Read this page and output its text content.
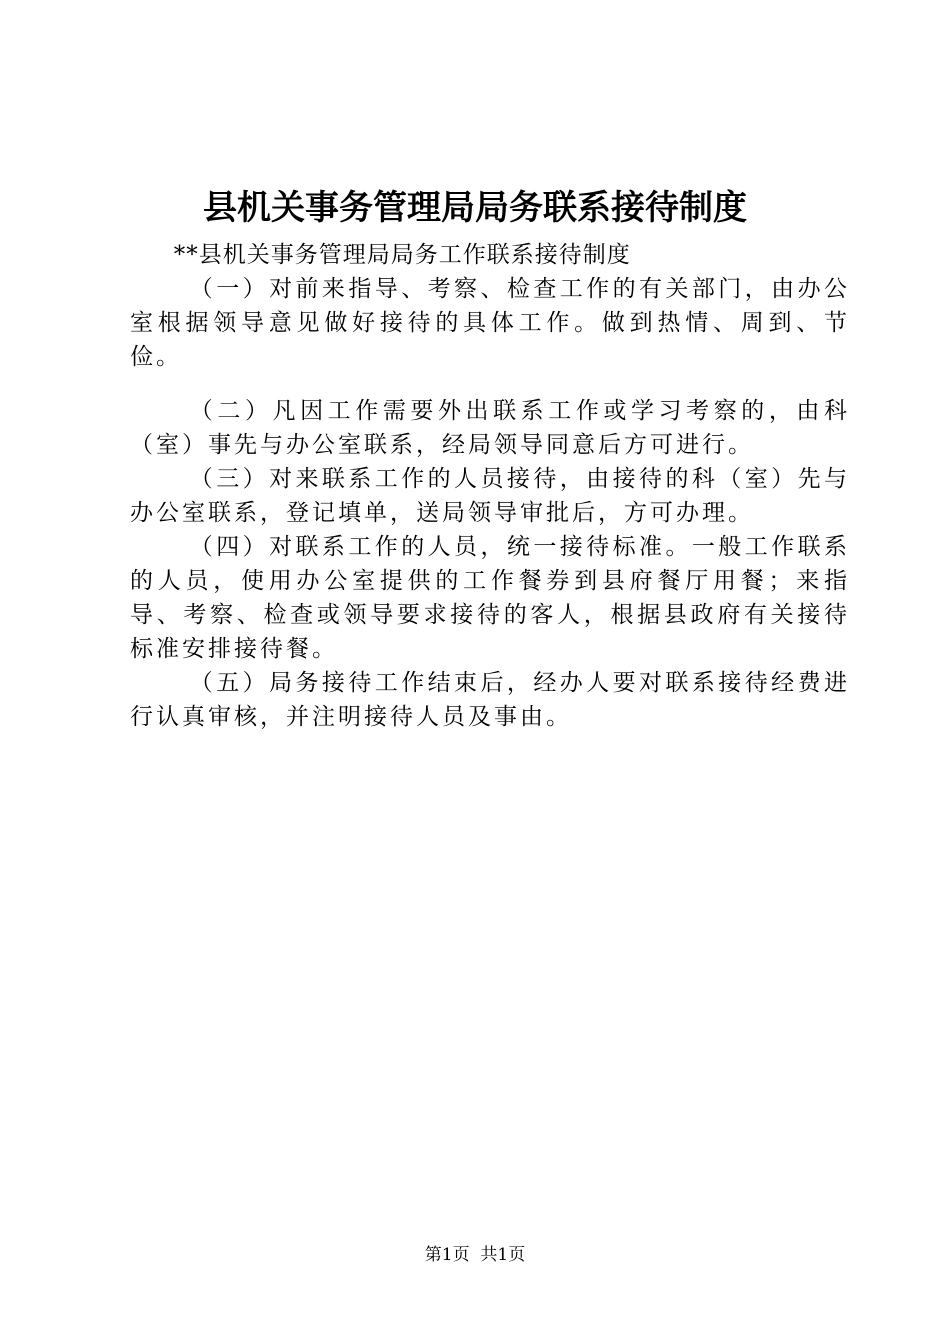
县机关事务管理局局务联系接待制度

**县机关事务管理局局务工作联系接待制度

（一）对前来指导、考察、检查工作的有关部门，由办公室根据领导意见做好接待的具体工作。做到热情、周到、节俭。

（二）凡因工作需要外出联系工作或学习考察的，由科（室）事先与办公室联系，经局领导同意后方可进行。

（三）对来联系工作的人员接待，由接待的科（室）先与办公室联系，登记填单，送局领导审批后，方可办理。

（四）对联系工作的人员，统一接待标准。一般工作联系的人员，使用办公室提供的工作餐券到县府餐厅用餐；来指导、考察、检查或领导要求接待的客人，根据县政府有关接待标准安排接待餐。

（五）局务接待工作结束后，经办人要对联系接待经费进行认真审核，并注明接待人员及事由。

第1页  共1页
